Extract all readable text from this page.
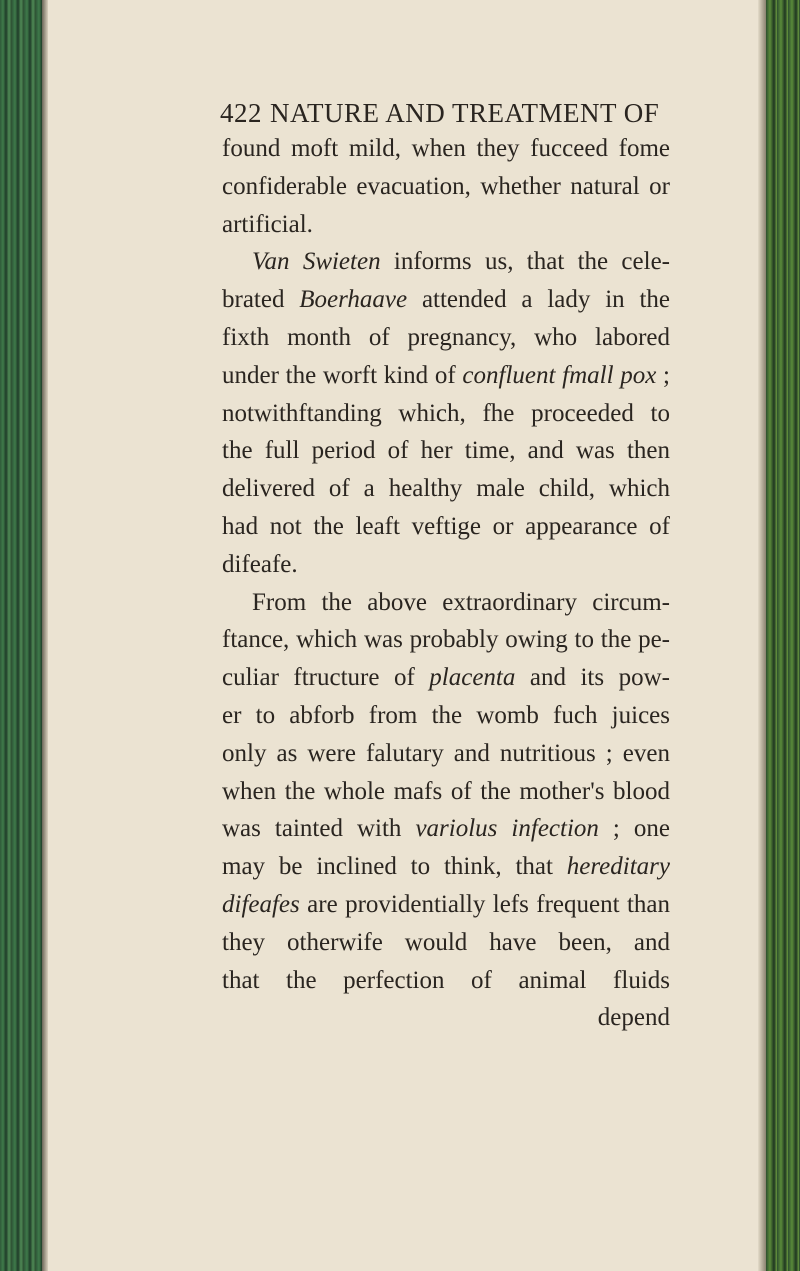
422 NATURE AND TREATMENT OF
found moft mild, when they fucceed fome
confiderable evacuation, whether natural or
artificial.
Van Swieten informs us, that the cele-
brated Boerhaave attended a lady in the
fixth month of pregnancy, who labored
under the worft kind of confluent fmall pox ;
notwithftanding which, fhe proceeded to
the full period of her time, and was then
delivered of a healthy male child, which
had not the leaft veftige or appearance of
difeafe.
From the above extraordinary circum-
ftance, which was probably owing to the pe-
culiar ftructure of placenta and its pow-
er to abforb from the womb fuch juices
only as were falutary and nutritious ; even
when the whole mafs of the mother's blood
was tainted with variolus infection ; one
may be inclined to think, that hereditary
difeafes are providentially lefs frequent than
they otherwife would have been, and
that the perfection of animal fluids
depend
